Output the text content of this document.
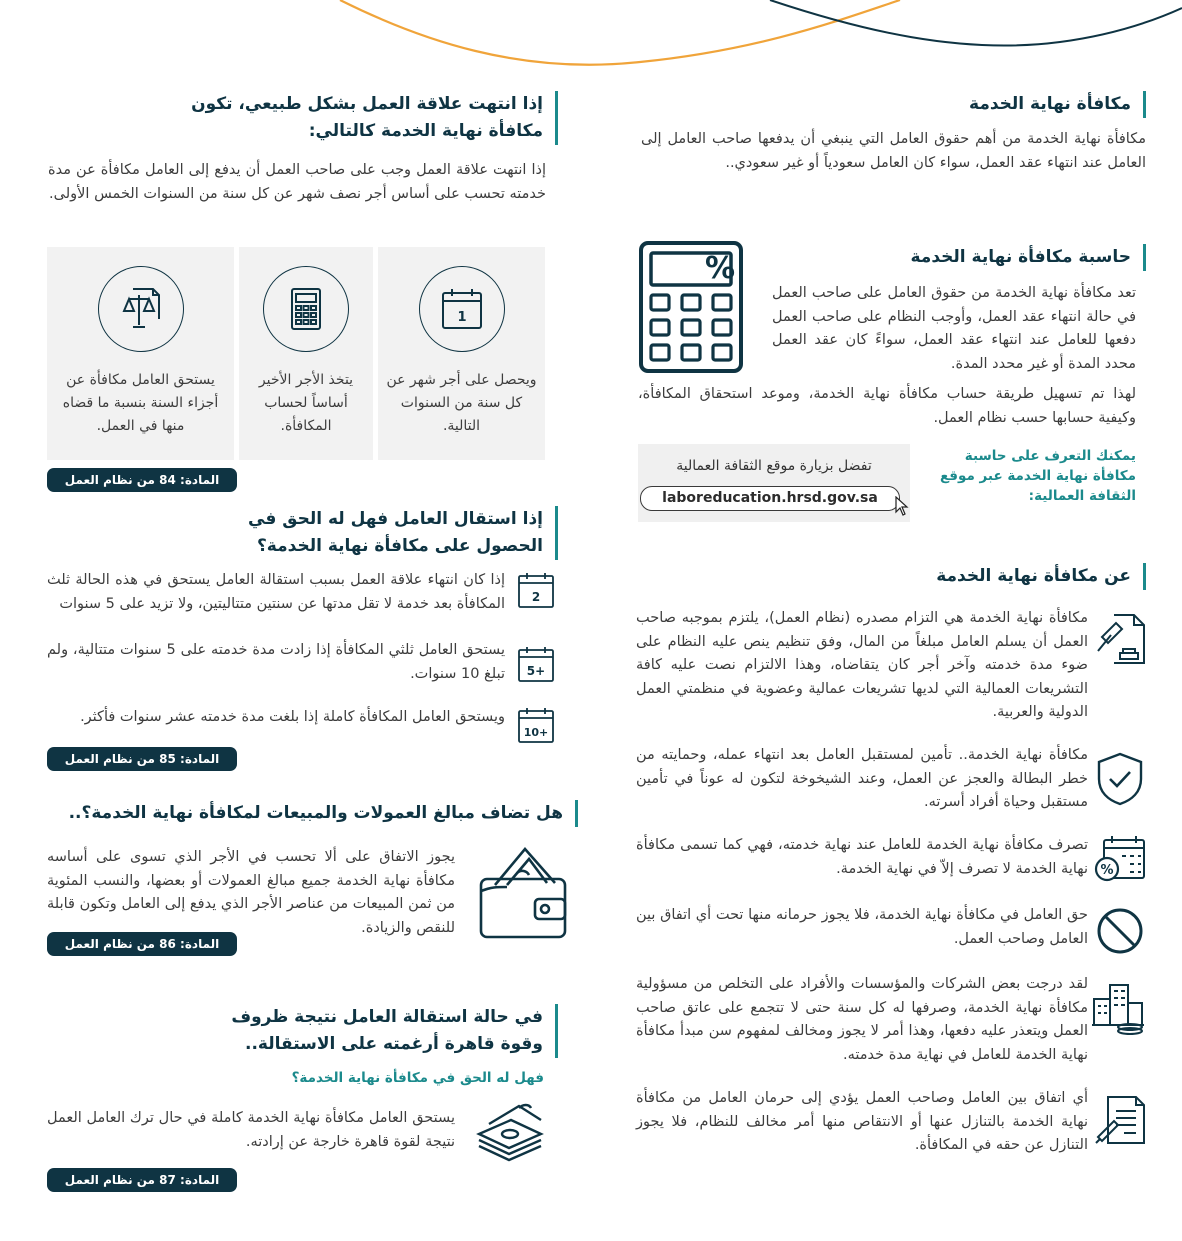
مكافأة نهاية الخدمة
مكافأة نهاية الخدمة من أهم حقوق العامل التي ينبغي أن يدفعها صاحب العامل إلى العامل عند انتهاء عقد العمل، سواء كان العامل سعودياً أو غير سعودي..
%	حاسبة مكافأة نهاية الخدمة
تعد مكافأة نهاية الخدمة من حقوق العامل على صاحب العمل في حالة انتهاء عقد العمل، وأوجب النظام على صاحب العمل دفعها للعامل عند انتهاء عقد العمل، سواءً كان عقد العمل محدد المدة أو غير محدد المدة.
لهذا تم تسهيل طريقة حساب مكافأة نهاية الخدمة، وموعد استحقاق المكافأة، وكيفية حسابها حسب نظام العمل.
يمكنك التعرف على حاسبة مكافأة نهاية الخدمة عبر موقع الثقافة العمالية:
تفضل بزيارة موقع الثقافة العمالية
laboreducation.hrsd.gov.sa
عن مكافأة نهاية الخدمة
مكافأة نهاية الخدمة هي التزام مصدره (نظام العمل)، يلتزم بموجبه صاحب العمل أن يسلم العامل مبلغاً من المال، وفق تنظيم ينص عليه النظام على ضوء مدة خدمته وآخر أجر كان يتقاضاه، وهذا الالتزام نصت عليه كافة التشريعات العمالية التي لديها تشريعات عمالية وعضوية في منظمتي العمل الدولية والعربية.
مكافأة نهاية الخدمة.. تأمين لمستقبل العامل بعد انتهاء عمله، وحمايته من خطر البطالة والعجز عن العمل، وعند الشيخوخة لتكون له عوناً في تأمين مستقبل وحياة أفراد أسرته.
%
تصرف مكافأة نهاية الخدمة للعامل عند نهاية خدمته، فهي كما تسمى مكافأة نهاية الخدمة لا تصرف إلاّ في نهاية الخدمة.
حق العامل في مكافأة نهاية الخدمة، فلا يجوز حرمانه منها تحت أي اتفاق بين العامل وصاحب العمل.
لقد درجت بعض الشركات والمؤسسات والأفراد على التخلص من مسؤولية مكافأة نهاية الخدمة، وصرفها له كل سنة حتى لا تتجمع على عاتق صاحب العمل ويتعذر عليه دفعها، وهذا أمر لا يجوز ومخالف لمفهوم سن مبدأ مكافأة نهاية الخدمة للعامل في نهاية مدة خدمته.
أي اتفاق بين العامل وصاحب العمل يؤدي إلى حرمان العامل من مكافأة نهاية الخدمة بالتنازل عنها أو الانتقاص منها أمر مخالف للنظام، فلا يجوز التنازل عن حقه في المكافأة.
إذا انتهت علاقة العمل بشكل طبيعي، تكون مكافأة نهاية الخدمة كالتالي:
إذا انتهت علاقة العمل وجب على صاحب العمل أن يدفع إلى العامل مكافأة عن مدة خدمته تحسب على أساس أجر نصف شهر عن كل سنة من السنوات الخمس الأولى.
1
ويحصل على أجر شهر عن كل سنة من السنوات التالية.
يتخذ الأجر الأخير أساساً لحساب المكافأة.
يستحق العامل مكافأة عن أجزاء السنة بنسبة ما قضاه منها في العمل.
المادة: 84 من نظام العمل
إذا استقال العامل فهل له الحق في الحصول على مكافأة نهاية الخدمة؟
2
إذا كان انتهاء علاقة العمل بسبب استقالة العامل يستحق في هذه الحالة ثلث المكافأة بعد خدمة لا تقل مدتها عن سنتين متتاليتين، ولا تزيد على 5 سنوات
+5
يستحق العامل ثلثي المكافأة إذا زادت مدة خدمته على 5 سنوات متتالية، ولم تبلغ 10 سنوات.
+10
ويستحق العامل المكافأة كاملة إذا بلغت مدة خدمته عشر سنوات فأكثر.
المادة: 85 من نظام العمل
هل تضاف مبالغ العمولات والمبيعات لمكافأة نهاية الخدمة؟..
يجوز الاتفاق على ألا تحسب في الأجر الذي تسوى على أساسه مكافأة نهاية الخدمة جميع مبالغ العمولات أو بعضها، والنسب المئوية من ثمن المبيعات من عناصر الأجر الذي يدفع إلى العامل وتكون قابلة للنقص والزيادة.
المادة: 86 من نظام العمل
في حالة استقالة العامل نتيجة ظروف وقوة قاهرة أرغمته على الاستقالة..
فهل له الحق في مكافأة نهاية الخدمة؟
يستحق العامل مكافأة نهاية الخدمة كاملة في حال ترك العامل العمل نتيجة لقوة قاهرة خارجة عن إرادته.
المادة: 87 من نظام العمل
